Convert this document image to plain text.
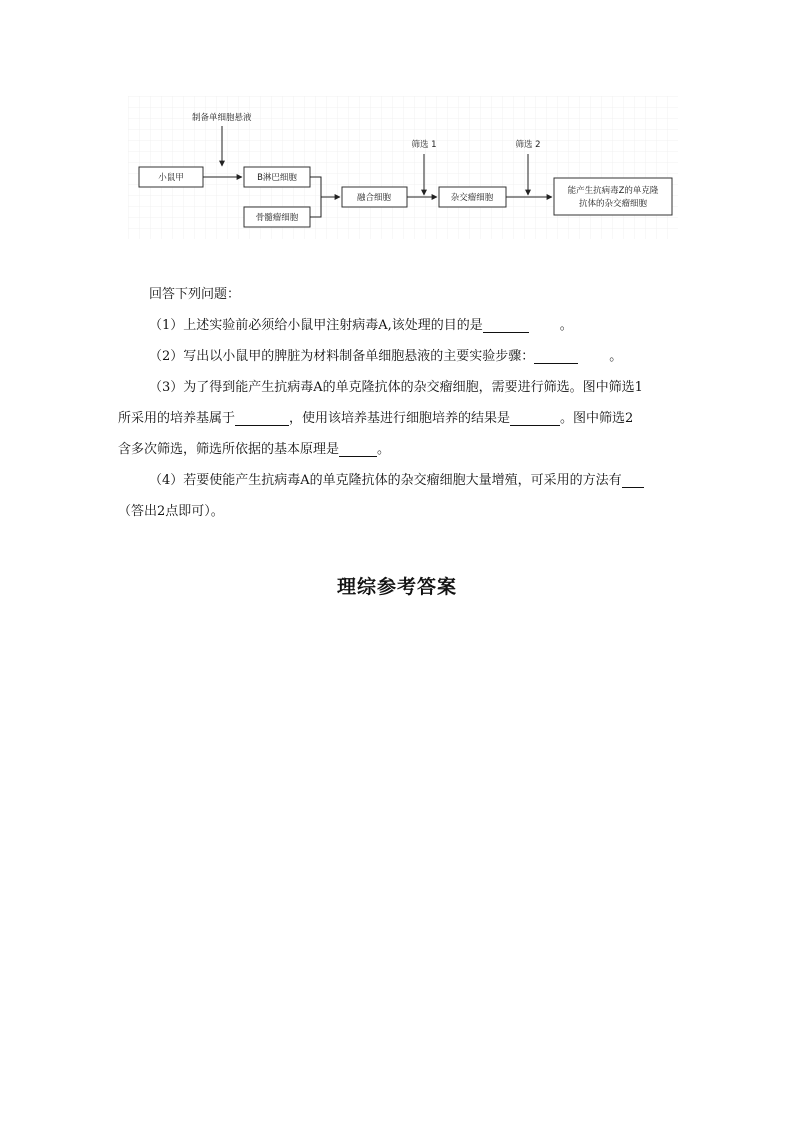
制备单细胞悬液
小鼠甲	B淋巴细胞
骨髓瘤细胞
融合细胞
筛选 1
杂交瘤细胞
筛选 2
能产生抗病毒Z的单克隆
抗体的杂交瘤细胞
回答下列问题：
（1）上述实验前必须给小鼠甲注射病毒A,该处理的目的是	。
（2）写出以小鼠甲的脾脏为材料制备单细胞悬液的主要实验步骤：	。
（3）为了得到能产生抗病毒A的单克隆抗体的杂交瘤细胞，需要进行筛选。图中筛选1
所采用的培养基属于	，使用该培养基进行细胞培养的结果是	。图中筛选2
含多次筛选，筛选所依据的基本原理是	。
（4）若要使能产生抗病毒A的单克隆抗体的杂交瘤细胞大量增殖，可采用的方法有
（答出2点即可）。
理综参考答案
